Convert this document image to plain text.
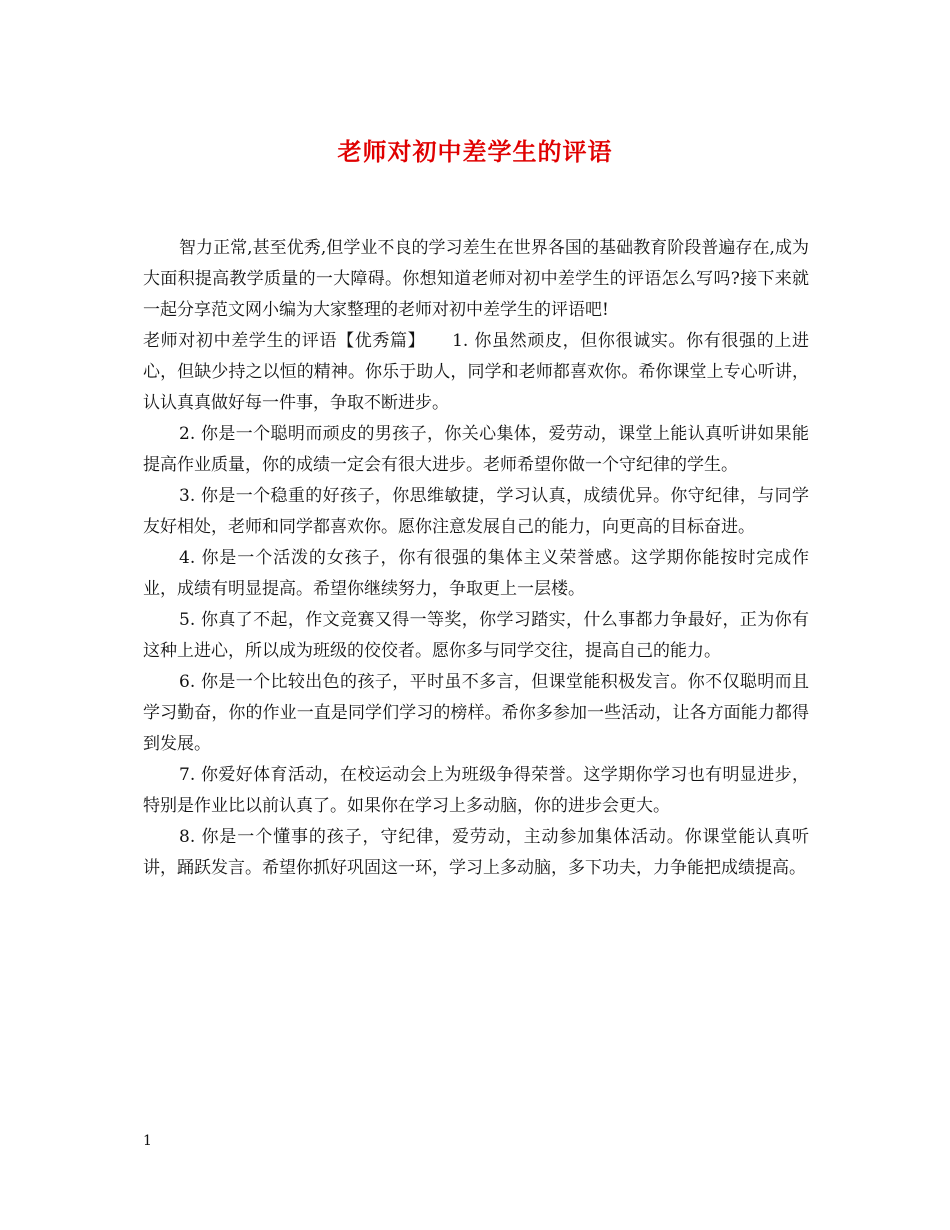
老师对初中差学生的评语

智力正常,甚至优秀,但学业不良的学习差生在世界各国的基础教育阶段普遍存在,成为大面积提高教学质量的一大障碍。你想知道老师对初中差学生的评语怎么写吗?接下来就一起分享范文网小编为大家整理的老师对初中差学生的评语吧!

老师对初中差学生的评语【优秀篇】　　1. 你虽然顽皮，但你很诚实。你有很强的上进心，但缺少持之以恒的精神。你乐于助人，同学和老师都喜欢你。希你课堂上专心听讲，认认真真做好每一件事，争取不断进步。

2. 你是一个聪明而顽皮的男孩子，你关心集体，爱劳动，课堂上能认真听讲如果能提高作业质量，你的成绩一定会有很大进步。老师希望你做一个守纪律的学生。

3. 你是一个稳重的好孩子，你思维敏捷，学习认真，成绩优异。你守纪律，与同学友好相处，老师和同学都喜欢你。愿你注意发展自己的能力，向更高的目标奋进。

4. 你是一个活泼的女孩子，你有很强的集体主义荣誉感。这学期你能按时完成作业，成绩有明显提高。希望你继续努力，争取更上一层楼。

5. 你真了不起，作文竞赛又得一等奖，你学习踏实，什么事都力争最好，正为你有这种上进心，所以成为班级的佼佼者。愿你多与同学交往，提高自己的能力。

6. 你是一个比较出色的孩子，平时虽不多言，但课堂能积极发言。你不仅聪明而且学习勤奋，你的作业一直是同学们学习的榜样。希你多参加一些活动，让各方面能力都得到发展。

7. 你爱好体育活动，在校运动会上为班级争得荣誉。这学期你学习也有明显进步，特别是作业比以前认真了。如果你在学习上多动脑，你的进步会更大。

8. 你是一个懂事的孩子，守纪律，爱劳动，主动参加集体活动。你课堂能认真听讲，踊跃发言。希望你抓好巩固这一环，学习上多动脑，多下功夫，力争能把成绩提高。

1
